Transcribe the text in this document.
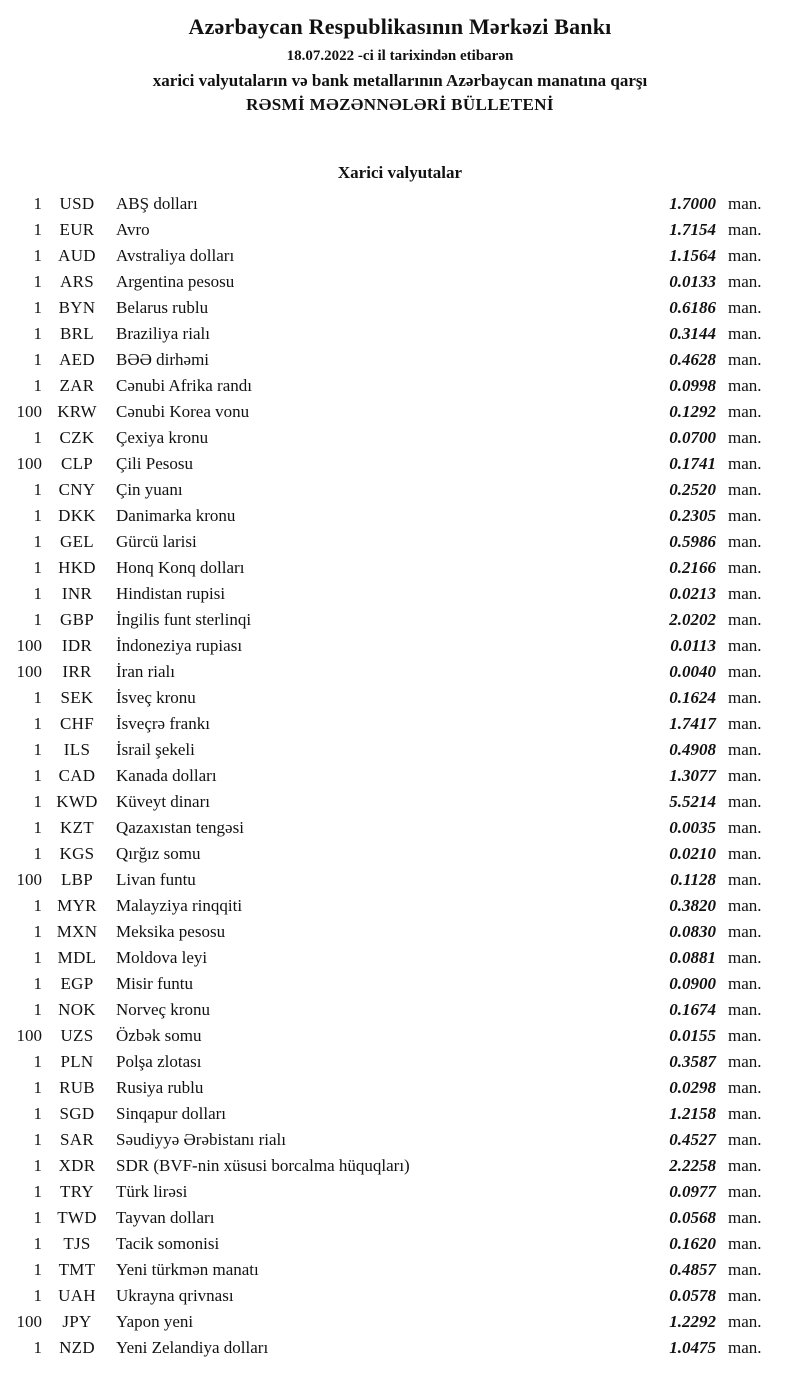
Azərbaycan Respublikasının Mərkəzi Bankı
18.07.2022 -ci il tarixindən etibarən
xarici valyutaların və bank metallarının Azərbaycan manatına qarşı
RƏSMİ MƏZƏNNƏLƏRİ BÜLLETENİ
Xarici valyutalar
1	USD	ABŞ dolları	1.7000 man.
1	EUR	Avro	1.7154 man.
1 AUD	Avstraliya dolları	1.1564 man.
1	ARS	Argentina pesosu	0.0133 man.
1 BYN	Belarus rublu	0.6186 man.
1	BRL	Braziliya rialı	0.3144 man.
1	AED	BƏƏ dirhəmi	0.4628 man.
1	ZAR	Cənubi Afrika randı	0.0998 man.
100 KRW	Cənubi Korea vonu	0.1292 man.
1	CZK	Çexiya kronu	0.0700 man.
100	CLP	Çili Pesosu	0.1741 man.
1 CNY	Çin yuanı	0.2520 man.
1 DKK	Danimarka kronu	0.2305 man.
1	GEL	Gürcü larisi	0.5986 man.
1 HKD	Honq Konq dolları	0.2166 man.
1	INR	Hindistan rupisi	0.0213 man.
1	GBP	İngilis funt sterlinqi	2.0202 man.
100	IDR	İndoneziya rupiası	0.0113 man.
100	IRR	İran rialı	0.0040 man.
1	SEK	İsveç kronu	0.1624 man.
1	CHF	İsveçrə frankı	1.7417 man.
1	ILS	İsrail şekeli	0.4908 man.
1 CAD	Kanada dolları	1.3077 man.
1 KWD	Küveyt dinarı	5.5214 man.
1	KZT	Qazaxıstan tengəsi	0.0035 man.
1	KGS	Qırğız somu	0.0210 man.
100	LBP	Livan funtu	0.1128 man.
1 MYR	Malayziya rinqqiti	0.3820 man.
1 MXN	Meksika pesosu	0.0830 man.
1 MDL	Moldova leyi	0.0881 man.
1	EGP	Misir funtu	0.0900 man.
1 NOK	Norveç kronu	0.1674 man.
100	UZS	Özbək somu	0.0155 man.
1	PLN	Polşa zlotası	0.3587 man.
1	RUB	Rusiya rublu	0.0298 man.
1	SGD	Sinqapur dolları	1.2158 man.
1	SAR	Səudiyyə Ərəbistanı rialı	0.4527 man.
1 XDR	SDR (BVF-nin xüsusi borcalma hüquqları)	2.2258 man.
1	TRY	Türk lirəsi	0.0977 man.
1 TWD	Tayvan dolları	0.0568 man.
1	TJS	Tacik somonisi	0.1620 man.
1 TMT	Yeni türkmən manatı	0.4857 man.
1 UAH	Ukrayna qrivnası	0.0578 man.
100	JPY	Yapon yeni	1.2292 man.
1	NZD	Yeni Zelandiya dolları	1.0475 man.
